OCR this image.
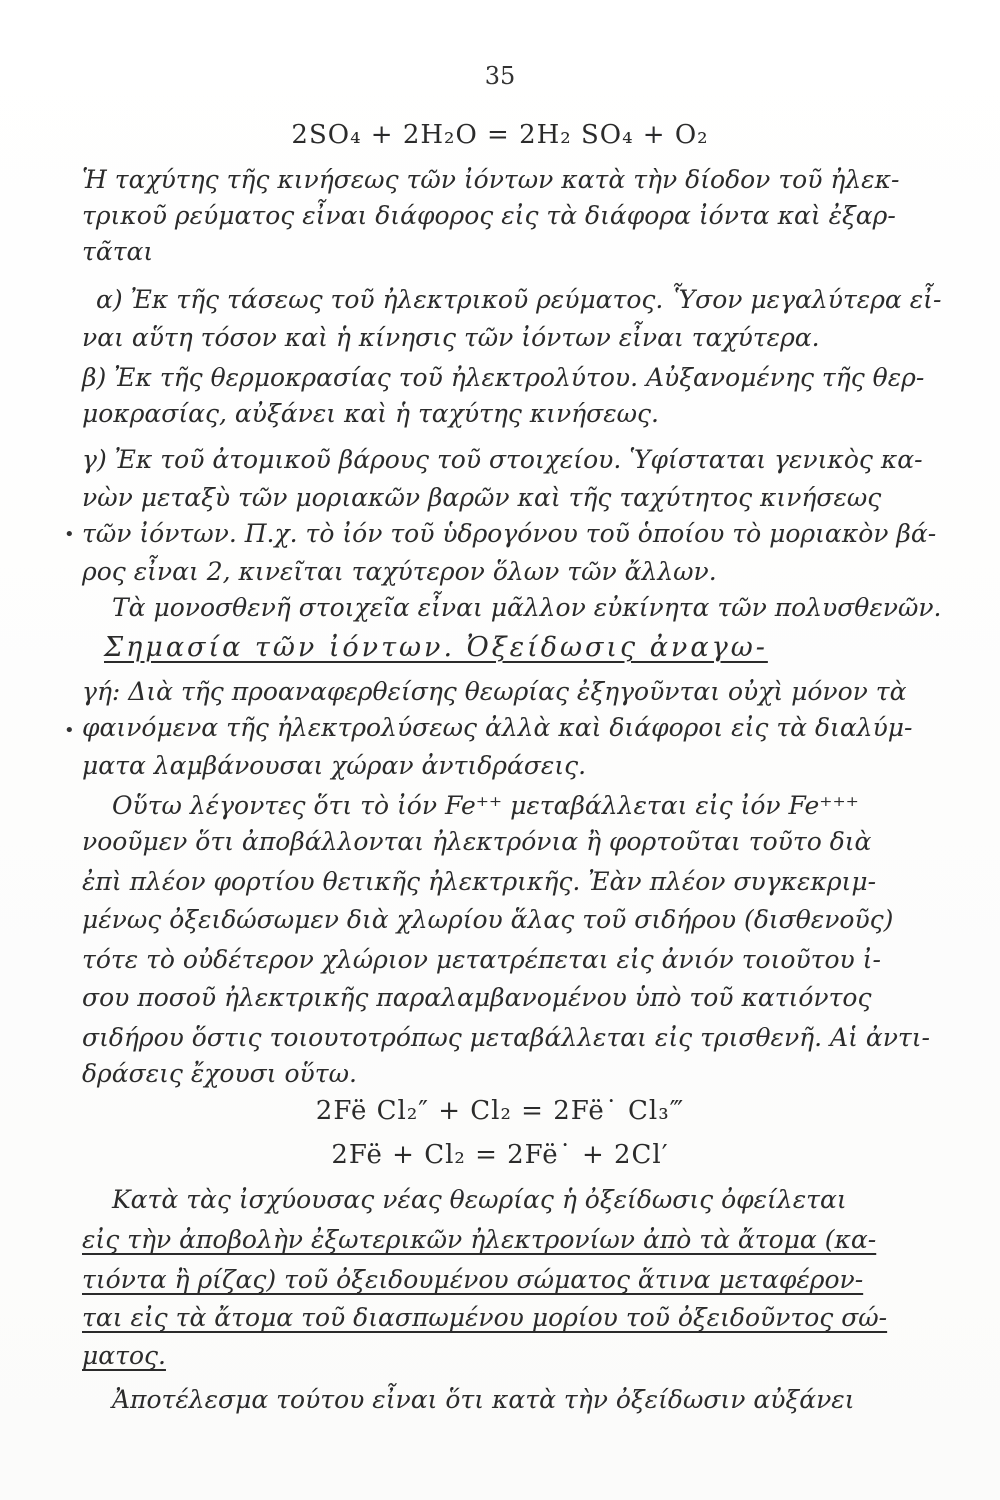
35
2SO₄ + 2H₂O = 2H₂ SO₄ + O₂
Ἡ ταχύτης τῆς κινήσεως τῶν ἰόντων κατὰ τὴν δίοδον τοῦ ἠλεκ-
τρικοῦ ρεύματος εἶναι διάφορος εἰς τὰ διάφορα ἰόντα καὶ ἐξαρ-
τᾶται
α) Ἐκ τῆς τάσεως τοῦ ἠλεκτρικοῦ ρεύματος. Ὗσον μεγαλύτερα εἶ-
ναι αὕτη τόσον καὶ ἡ κίνησις τῶν ἰόντων εἶναι ταχύτερα.
β) Ἐκ τῆς θερμοκρασίας τοῦ ἠλεκτρολύτου. Αὐξανομένης τῆς θερ-
μοκρασίας, αὐξάνει καὶ ἡ ταχύτης κινήσεως.
γ) Ἐκ τοῦ ἀτομικοῦ βάρους τοῦ στοιχείου. Ὑφίσταται γενικὸς κα-
νὼν μεταξὺ τῶν μοριακῶν βαρῶν καὶ τῆς ταχύτητος κινήσεως
• τῶν ἰόντων. Π.χ. τὸ ἰόν τοῦ ὑδρογόνου τοῦ ὁποίου τὸ μοριακὸν βά-
ρος εἶναι 2, κινεῖται ταχύτερον ὅλων τῶν ἄλλων.
Τὰ μονοσθενῆ στοιχεῖα εἶναι μᾶλλον εὐκίνητα τῶν πολυσθενῶν.
Σημασία τῶν ἰόντων. Ὀξείδωσις ἀναγω-
γή: Διὰ τῆς προαναφερθείσης θεωρίας ἐξηγοῦνται οὐχὶ μόνον τὰ
• φαινόμενα τῆς ἠλεκτρολύσεως ἀλλὰ καὶ διάφοροι εἰς τὰ διαλύμ-
ματα λαμβάνουσαι χώραν ἀντιδράσεις.
Οὕτω λέγοντες ὅτι τὸ ἰόν Fe⁺⁺ μεταβάλλεται εἰς ἰόν Fe⁺⁺⁺
νοοῦμεν ὅτι ἀποβάλλονται ἠλεκτρόνια ἢ φορτοῦται τοῦτο διὰ
ἐπὶ πλέον φορτίου θετικῆς ἠλεκτρικῆς. Ἐὰν πλέον συγκεκριμ-
μένως ὀξειδώσωμεν διὰ χλωρίου ἅλας τοῦ σιδήρου (δισθενοῦς)
τότε τὸ οὐδέτερον χλώριον μετατρέπεται εἰς ἀνιόν τοιοῦτου ἰ-
σου ποσοῦ ἠλεκτρικῆς παραλαμβανομένου ὑπὸ τοῦ κατιόντος
σιδήρου ὅστις τοιουτοτρόπως μεταβάλλεται εἰς τρισθενῆ. Αἱ ἀντι-
δράσεις ἔχουσι οὕτω.
2Fë Cl₂″ + Cl₂ = 2Fë˙ Cl₃‴
2Fë + Cl₂ = 2Fë˙ + 2Cl′
Κατὰ τὰς ἰσχύουσας νέας θεωρίας ἡ ὀξείδωσις ὀφείλεται
εἰς τὴν ἀποβολὴν ἐξωτερικῶν ἠλεκτρονίων ἀπὸ τὰ ἄτομα (κα-
τιόντα ἢ ρίζας) τοῦ ὀξειδουμένου σώματος ἅτινα μεταφέρον-
ται εἰς τὰ ἄτομα τοῦ διασπωμένου μορίου τοῦ ὀξειδοῦντος σώ-
ματος.
Ἀποτέλεσμα τούτου εἶναι ὅτι κατὰ τὴν ὀξείδωσιν αὐξάνει
